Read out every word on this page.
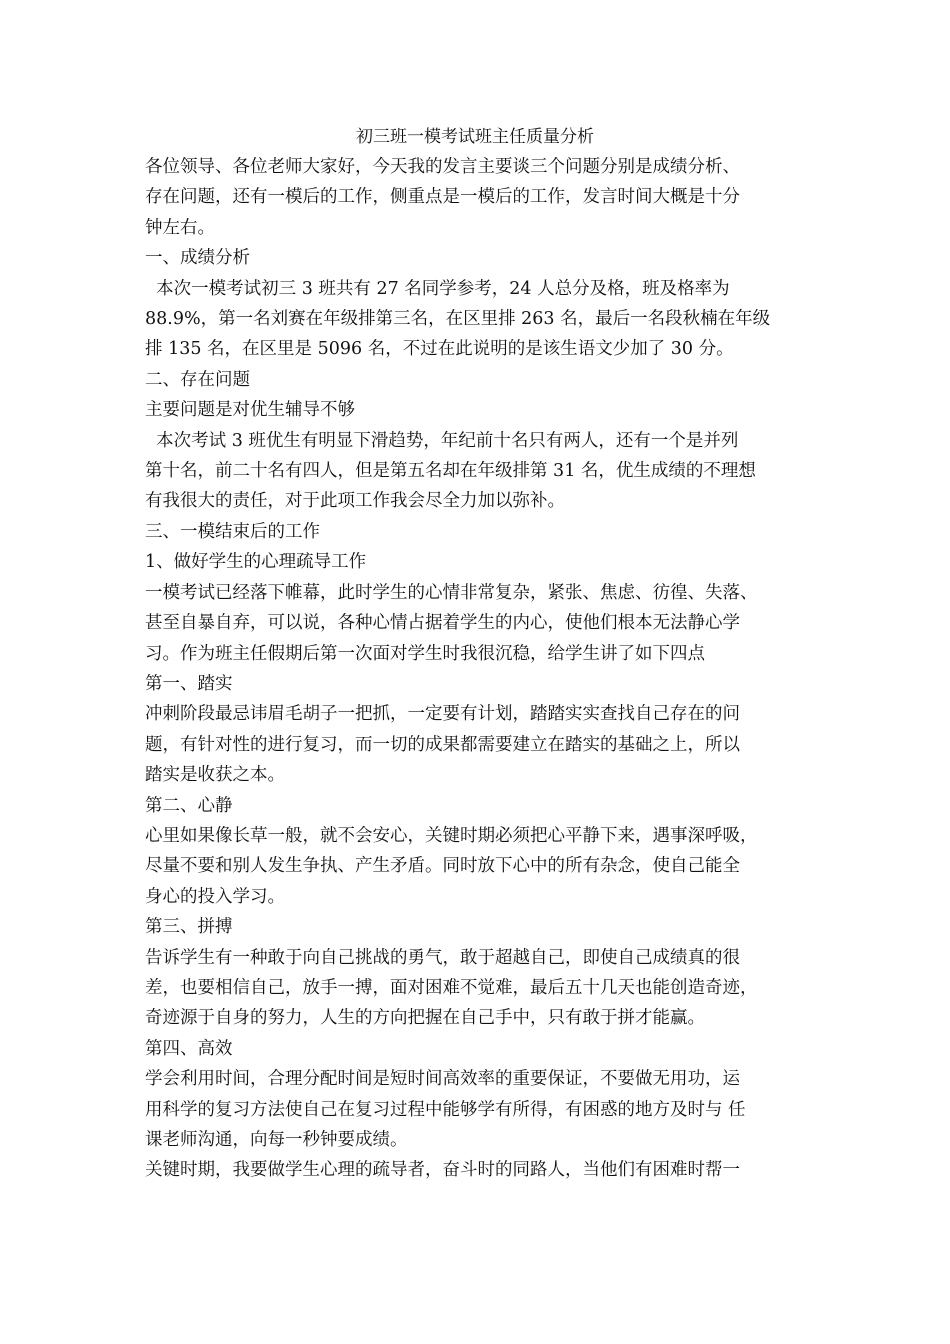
初三班一模考试班主任质量分析

各位领导、各位老师大家好，今天我的发言主要谈三个问题分别是成绩分析、

存在问题，还有一模后的工作，侧重点是一模后的工作，发言时间大概是十分

钟左右。

一、成绩分析

本次一模考试初三 3 班共有 27 名同学参考，24 人总分及格，班及格率为

88.9%，第一名刘赛在年级排第三名，在区里排 263 名，最后一名段秋楠在年级

排 135 名，在区里是 5096 名，不过在此说明的是该生语文少加了 30 分。

二、存在问题

主要问题是对优生辅导不够

本次考试 3 班优生有明显下滑趋势，年纪前十名只有两人，还有一个是并列

第十名，前二十名有四人，但是第五名却在年级排第 31 名，优生成绩的不理想

有我很大的责任，对于此项工作我会尽全力加以弥补。

三、一模结束后的工作

1、做好学生的心理疏导工作

一模考试已经落下帷幕，此时学生的心情非常复杂，紧张、焦虑、彷徨、失落、

甚至自暴自弃，可以说，各种心情占据着学生的内心，使他们根本无法静心学

习。作为班主任假期后第一次面对学生时我很沉稳，给学生讲了如下四点

第一、踏实

冲刺阶段最忌讳眉毛胡子一把抓，一定要有计划，踏踏实实查找自己存在的问

题，有针对性的进行复习，而一切的成果都需要建立在踏实的基础之上，所以

踏实是收获之本。

第二、心静

心里如果像长草一般，就不会安心，关键时期必须把心平静下来，遇事深呼吸，

尽量不要和别人发生争执、产生矛盾。同时放下心中的所有杂念，使自己能全

身心的投入学习。

第三、拼搏

告诉学生有一种敢于向自己挑战的勇气，敢于超越自己，即使自己成绩真的很

差，也要相信自己，放手一搏，面对困难不觉难，最后五十几天也能创造奇迹，

奇迹源于自身的努力，人生的方向把握在自己手中，只有敢于拼才能赢。

第四、高效

学会利用时间，合理分配时间是短时间高效率的重要保证，不要做无用功，运

用科学的复习方法使自己在复习过程中能够学有所得，有困惑的地方及时与 任

课老师沟通，向每一秒钟要成绩。

关键时期，我要做学生心理的疏导者，奋斗时的同路人，当他们有困难时帮一
